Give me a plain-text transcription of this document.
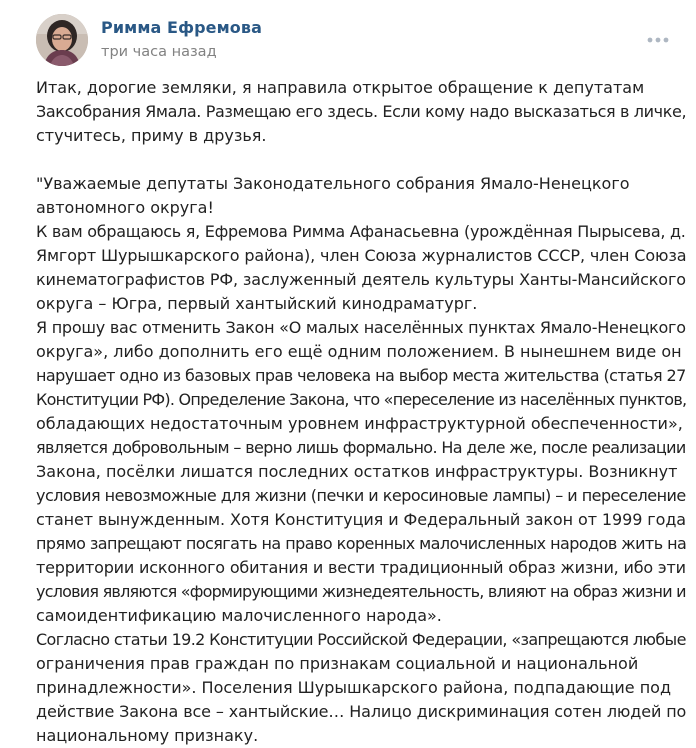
Римма Ефремова
три часа назад

Итак, дорогие земляки, я направила открытое обращение к депутатам

Заксобрания Ямала. Размещаю его здесь. Если кому надо высказаться в личке,

стучитесь, приму в друзья.

"Уважаемые депутаты Законодательного собрания Ямало-Ненецкого

автономного округа!

К вам обращаюсь я, Ефремова Римма Афанасьевна (урождённая Пырысева, д.

Ямгорт Шурышкарского района), член Союза журналистов СССР, член Союза

кинематографистов РФ, заслуженный деятель культуры Ханты-Мансийского

округа – Югра, первый хантыйский кинодраматург.

Я прошу вас отменить Закон «О малых населённых пунктах Ямало-Ненецкого

округа», либо дополнить его ещё одним положением. В нынешнем виде он

нарушает одно из базовых прав человека на выбор места жительства (статья 27

Конституции РФ). Определение Закона, что «переселение из населённых пунктов,

обладающих недостаточным уровнем инфраструктурной обеспеченности»,

является добровольным – верно лишь формально. На деле же, после реализации

Закона, посёлки лишатся последних остатков инфраструктуры. Возникнут

условия невозможные для жизни (печки и керосиновые лампы) – и переселение

станет вынужденным. Хотя Конституция и Федеральный закон от 1999 года

прямо запрещают посягать на право коренных малочисленных народов жить на

территории исконного обитания и вести традиционный образ жизни, ибо эти

условия являются «формирующими жизнедеятельность, влияют на образ жизни и

самоидентификацию малочисленного народа».

Согласно статьи 19.2 Конституции Российской Федерации, «запрещаются любые

ограничения прав граждан по признакам социальной и национальной

принадлежности». Поселения Шурышкарского района, подпадающие под

действие Закона все – хантыйские… Налицо дискриминация сотен людей по

национальному признаку.
